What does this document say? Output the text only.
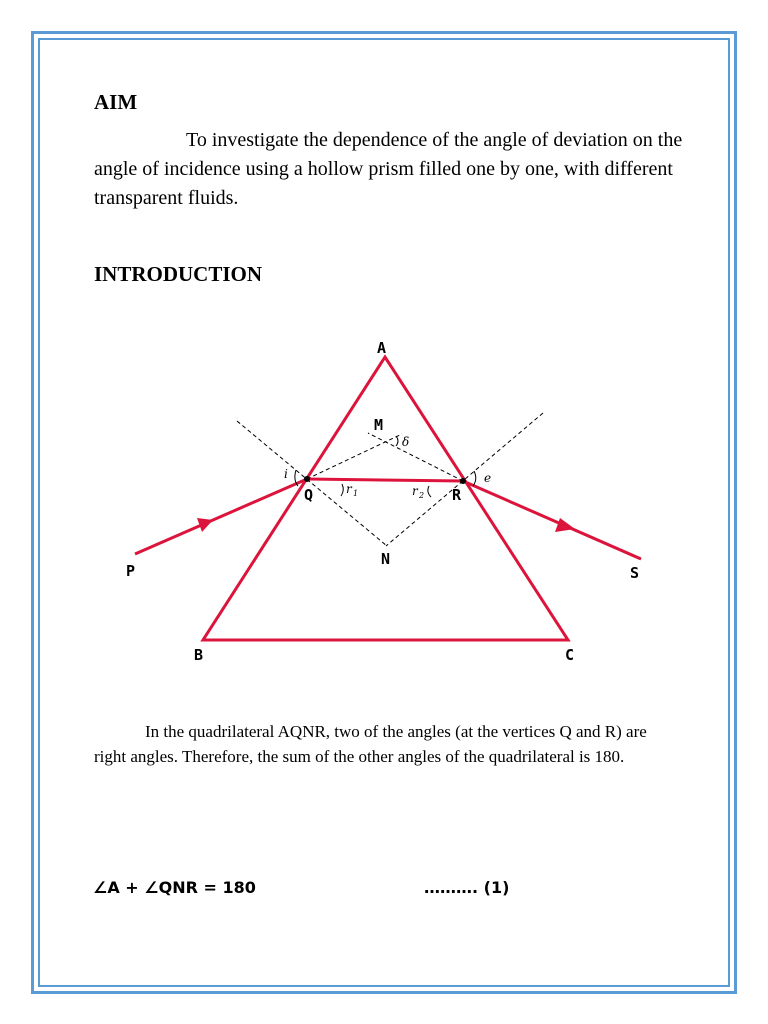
AIM

To investigate the dependence of the angle of deviation on the angle of incidence using a hollow prism filled one by one, with different transparent fluids.

INTRODUCTION
A
B	C
M
N
P
Q	R
S
i	e
δ
r 1	r 2

In the quadrilateral AQNR, two of the angles (at the vertices Q and R) are right angles. Therefore, the sum of the other angles of the quadrilateral is 180.

∠A + ∠QNR = 180	………. (1)
